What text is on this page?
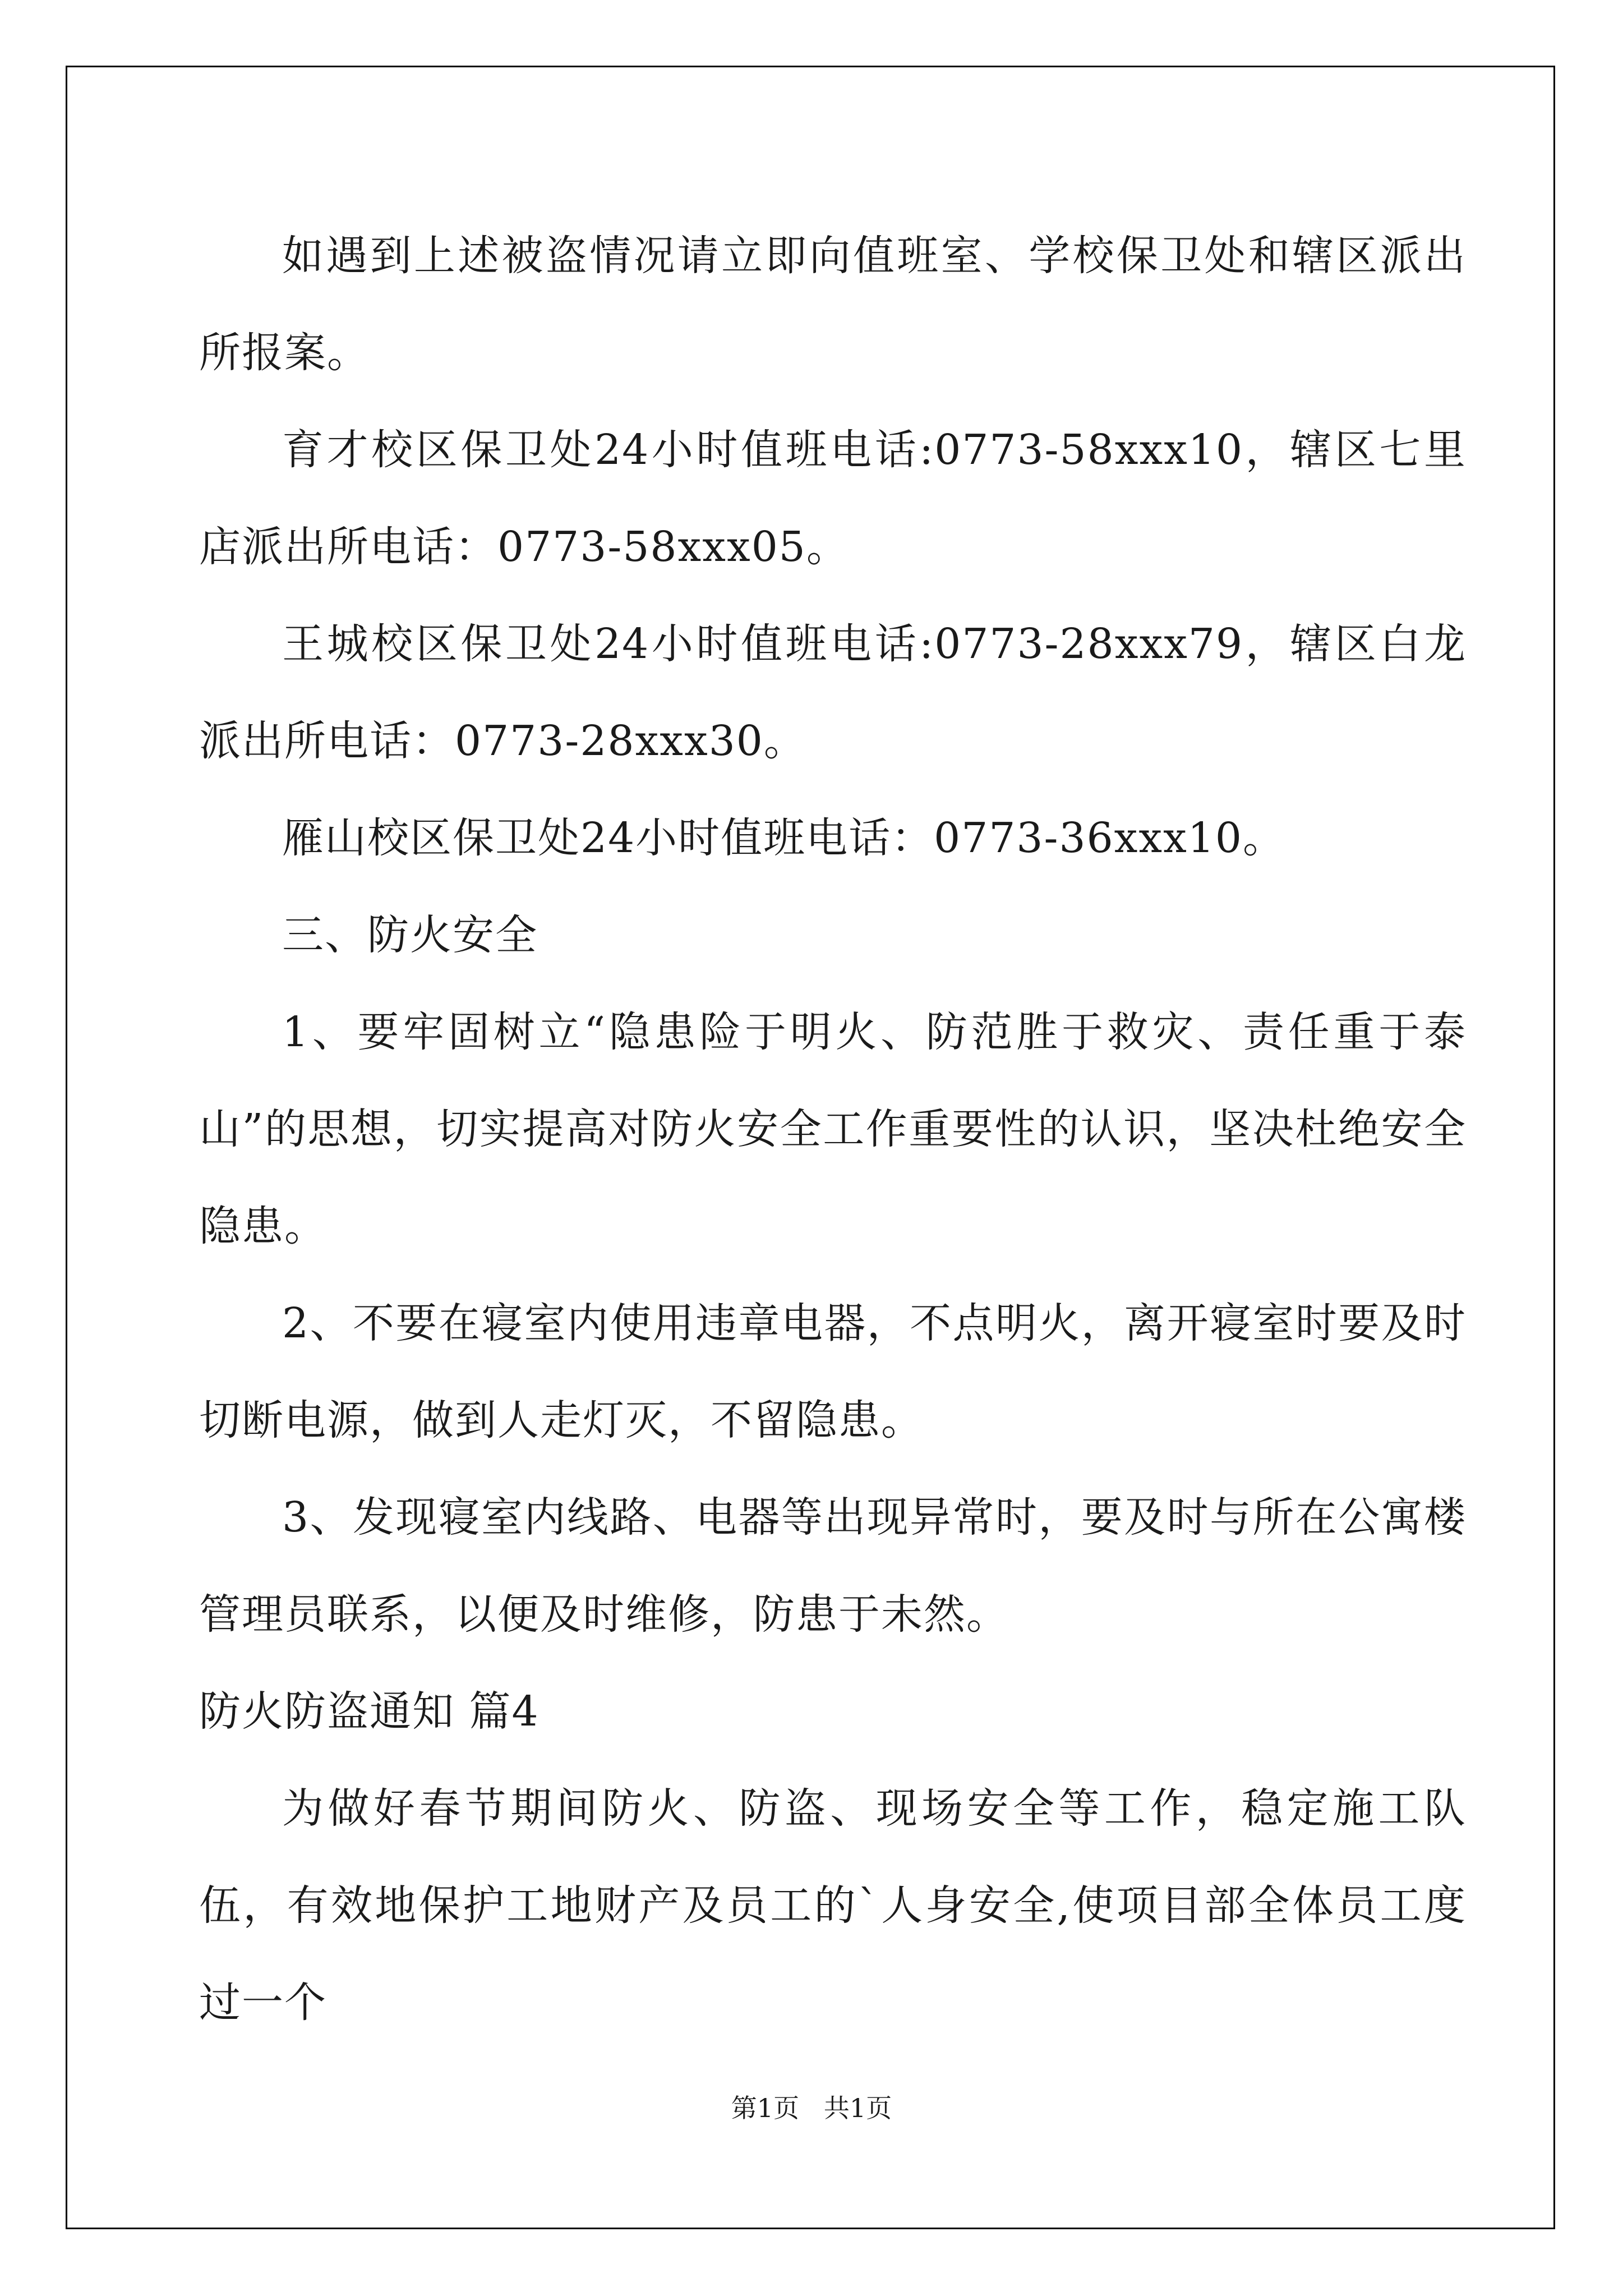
如遇到上述被盗情况请立即向值班室、学校保卫处和辖区派出所报案。

育才校区保卫处24小时值班电话:0773-58xxx10，辖区七里店派出所电话：0773-58xxx05。

王城校区保卫处24小时值班电话:0773-28xxx79，辖区白龙派出所电话：0773-28xxx30。

雁山校区保卫处24小时值班电话：0773-36xxx10。

三、防火安全

1、要牢固树立“隐患险于明火、防范胜于救灾、责任重于泰山”的思想，切实提高对防火安全工作重要性的认识，坚决杜绝安全隐患。

2、不要在寝室内使用违章电器，不点明火，离开寝室时要及时切断电源，做到人走灯灭，不留隐患。

3、发现寝室内线路、电器等出现异常时，要及时与所在公寓楼管理员联系，以便及时维修，防患于未然。

防火防盗通知 篇4

为做好春节期间防火、防盗、现场安全等工作，稳定施工队伍，有效地保护工地财产及员工的`人身安全,使项目部全体员工度过一个

第1页   共1页
